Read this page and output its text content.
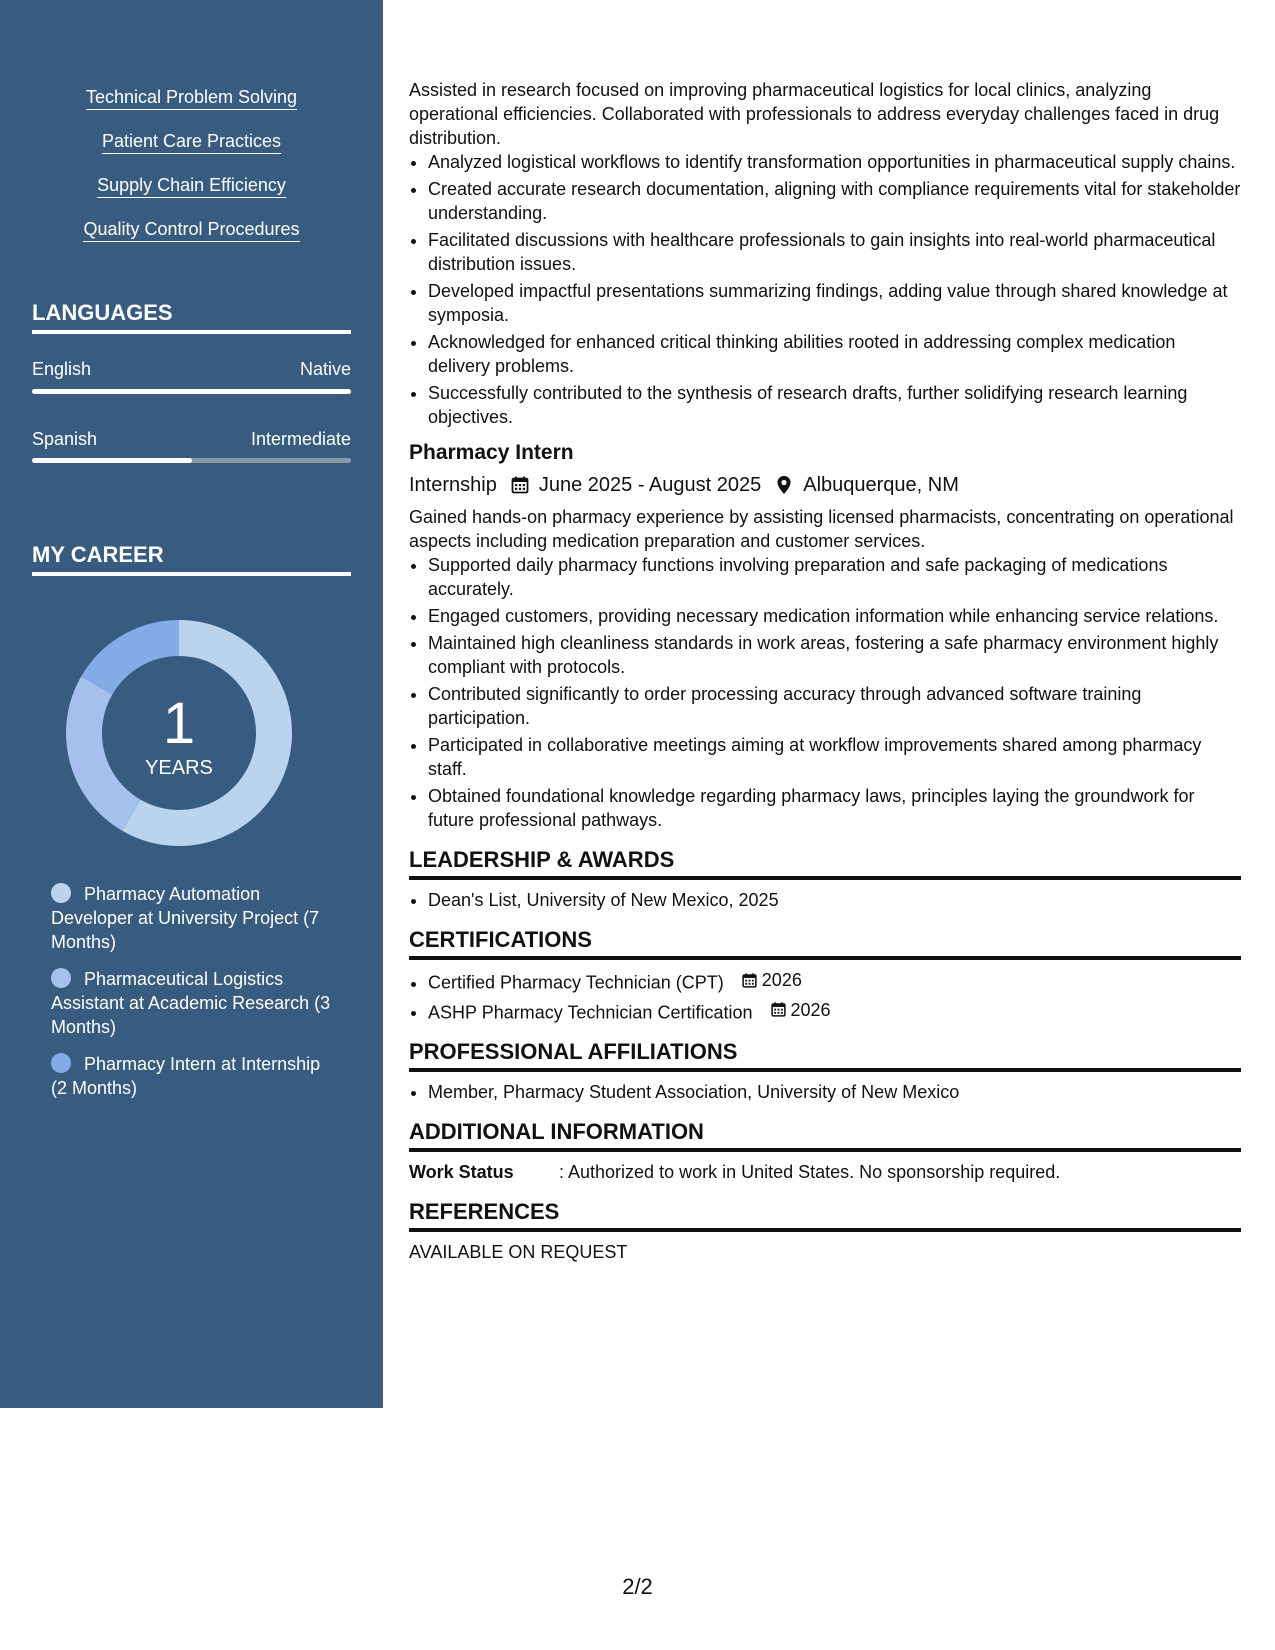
Technical Problem Solving
Patient Care Practices
Supply Chain Efficiency
Quality Control Procedures
LANGUAGES
English	Native
Spanish	Intermediate
MY CAREER
1
YEARS
Pharmacy Automation Developer at University Project (7 Months)
Pharmaceutical Logistics Assistant at Academic Research (3 Months)
Pharmacy Intern at Internship (2 Months)

Assisted in research focused on improving pharmaceutical logistics for local clinics, analyzing operational efficiencies. Collaborated with professionals to address everyday challenges faced in drug distribution.

• Analyzed logistical workflows to identify transformation opportunities in pharmaceutical supply chains.
• Created accurate research documentation, aligning with compliance requirements vital for stakeholder understanding.
• Facilitated discussions with healthcare professionals to gain insights into real-world pharmaceutical distribution issues.
• Developed impactful presentations summarizing findings, adding value through shared knowledge at symposia.
• Acknowledged for enhanced critical thinking abilities rooted in addressing complex medication delivery problems.
• Successfully contributed to the synthesis of research drafts, further solidifying research learning objectives.
Pharmacy Intern
Internship June 2025 - August 2025 Albuquerque, NM

Gained hands-on pharmacy experience by assisting licensed pharmacists, concentrating on operational aspects including medication preparation and customer services.

• Supported daily pharmacy functions involving preparation and safe packaging of medications accurately.
• Engaged customers, providing necessary medication information while enhancing service relations.
• Maintained high cleanliness standards in work areas, fostering a safe pharmacy environment highly compliant with protocols.
• Contributed significantly to order processing accuracy through advanced software training participation.
• Participated in collaborative meetings aiming at workflow improvements shared among pharmacy staff.
• Obtained foundational knowledge regarding pharmacy laws, principles laying the groundwork for future professional pathways.
LEADERSHIP & AWARDS
• Dean's List, University of New Mexico, 2025
CERTIFICATIONS
• Certified Pharmacy Technician (CPT) 2026
• ASHP Pharmacy Technician Certification 2026
PROFESSIONAL AFFILIATIONS
• Member, Pharmacy Student Association, University of New Mexico
ADDITIONAL INFORMATION
Work Status	: Authorized to work in United States. No sponsorship required.
REFERENCES

AVAILABLE ON REQUEST

2/2
